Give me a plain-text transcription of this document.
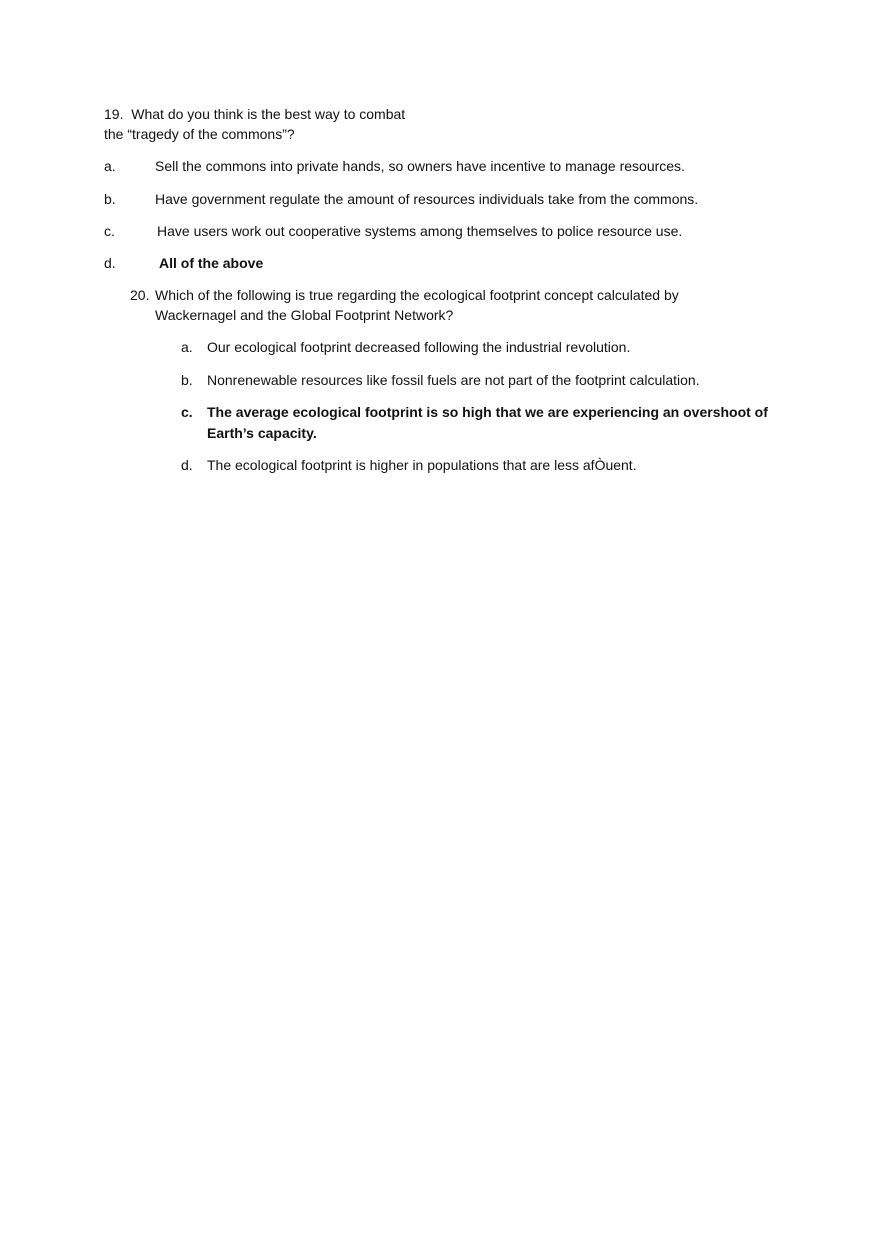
19. What do you think is the best way to combat
the “tragedy of the commons”?
a.	Sell the commons into private hands, so owners have incentive to manage resources.
b.	Have government regulate the amount of resources individuals take from the commons.
c.	Have users work out cooperative systems among themselves to police resource use.
d.	All of the above
20. Which of the following is true regarding the ecological footprint concept calculated by
Wackernagel and the Global Footprint Network?
a. Our ecological footprint decreased following the industrial revolution.
b. Nonrenewable resources like fossil fuels are not part of the footprint calculation.
c. The average ecological footprint is so high that we are experiencing an overshoot of
Earth’s capacity.
d. The ecological footprint is higher in populations that are less afÒuent.
